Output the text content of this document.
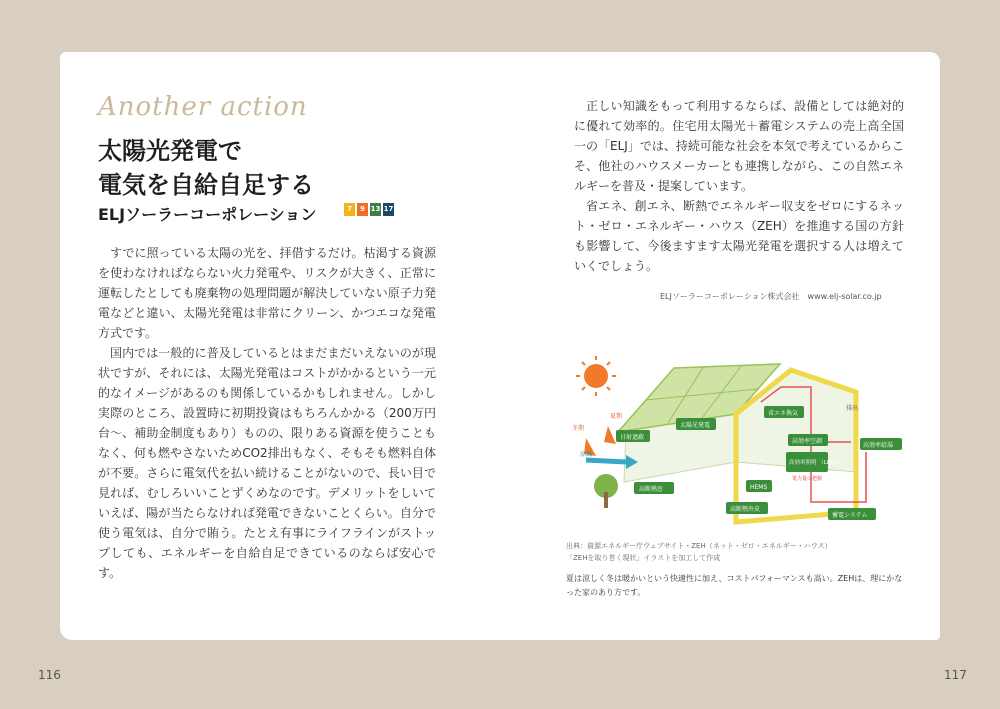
Another action
太陽光発電で
電気を自給自足する
ELJソーラーコーポレーション	7	9 13 17

すでに照っている太陽の光を、拝借するだけ。枯渇する資源を使わなければならない火力発電や、リスクが大きく、正常に運転したとしても廃棄物の処理問題が解決していない原子力発電などと違い、太陽光発電は非常にクリーン、かつエコな発電方式です。

国内では一般的に普及しているとはまだまだいえないのが現状ですが、それには、太陽光発電はコストがかかるという一元的なイメージがあるのも関係しているかもしれません。しかし実際のところ、設置時に初期投資はもちろんかかる（200万円台〜、補助金制度もあり）ものの、限りある資源を使うこともなく、何も燃やさないためCO2排出もなく、そもそも燃料自体が不要。さらに電気代を払い続けることがないので、長い目で見れば、むしろいいことずくめなのです。デメリットをしいていえば、陽が当たらなければ発電できないことくらい。自分で使う電気は、自分で賄う。たとえ有事にライフラインがストップしても、エネルギーを自給自足できているのならば安心です。

正しい知識をもって利用するならば、設備としては絶対的に優れて効率的。住宅用太陽光＋蓄電システムの売上高全国一の「ELJ」では、持続可能な社会を本気で考えているからこそ、他社のハウスメーカーとも連携しながら、この自然エネルギーを普及・提案しています。

省エネ、創エネ、断熱でエネルギー収支をゼロにするネット・ゼロ・エネルギー・ハウス（ZEH）を推進する国の方針も影響して、今後ますます太陽光発電を選択する人は増えていくでしょう。

ELJソーラーコーポレーション株式会社　www.elj-solar.co.jp
夏期
冬期
日射遮蔽
太陽光発電
省エネ換気
排出
高効率空調
高効率給湯
高効率照明 （LED等）
涼風
高断熱窓
高断熱外皮
HEMS
電力量の把握
蓄電システム
出典：資源エネルギー庁ウェブサイト・ZEH（ネット・ゼロ・エネルギー・ハウス）
「ZEHを取り巻く現状」イラストを加工して作成
夏は涼しく冬は暖かいという快適性に加え、コストパフォーマンスも高い。ZEHは、理にかなった家のあり方です。
116	117
